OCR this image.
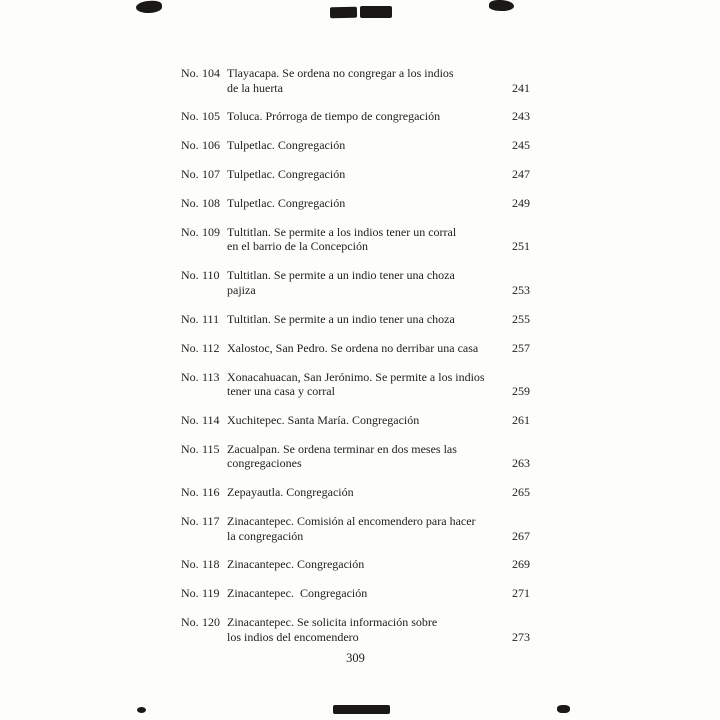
No. 104 Tlayacapa. Se ordena no congregar a los indios
de la huerta	241
No. 105 Toluca. Prórroga de tiempo de congregación	243
No. 106 Tulpetlac. Congregación	245
No. 107 Tulpetlac. Congregación	247
No. 108 Tulpetlac. Congregación	249
No. 109 Tultitlan. Se permite a los indios tener un corral
en el barrio de la Concepción	251
No. 110 Tultitlan. Se permite a un indio tener una choza
pajiza	253
No. 111 Tultitlan. Se permite a un indio tener una choza	255
No. 112 Xalostoc, San Pedro. Se ordena no derribar una casa	257
No. 113 Xonacahuacan, San Jerónimo. Se permite a los indios
tener una casa y corral	259
No. 114 Xuchitepec. Santa María. Congregación	261
No. 115 Zacualpan. Se ordena terminar en dos meses las
congregaciones	263
No. 116 Zepayautla. Congregación	265
No. 117 Zinacantepec. Comisión al encomendero para hacer
la congregación	267
No. 118 Zinacantepec. Congregación	269
No. 119 Zinacantepec.  Congregación	271
No. 120 Zinacantepec. Se solicita información sobre
los indios del encomendero	273
309
